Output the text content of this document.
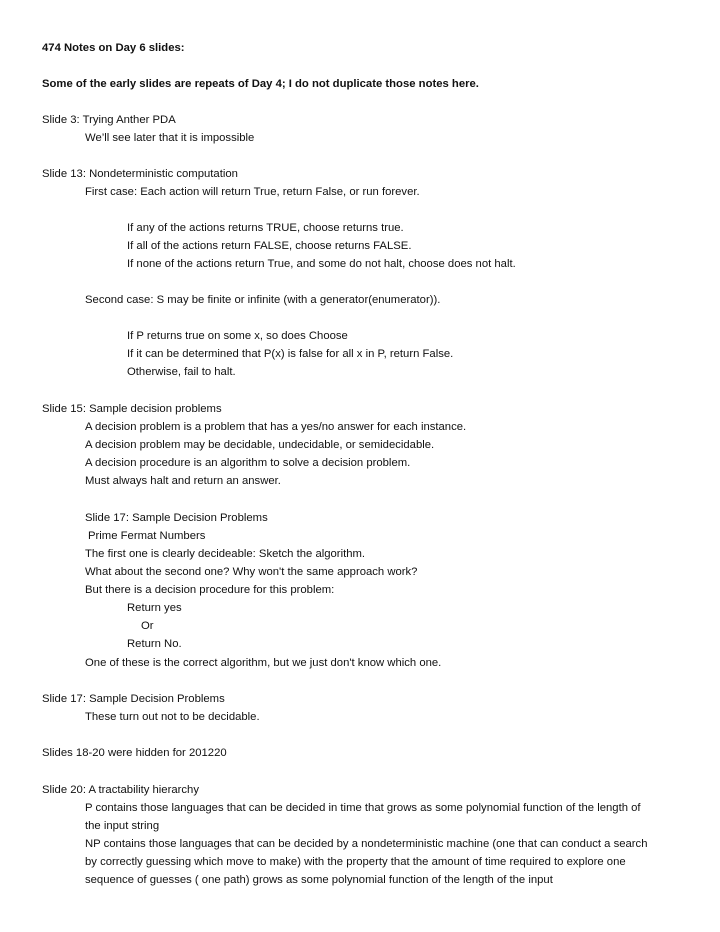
474 Notes on Day 6 slides:
Some of the early slides are repeats of Day 4; I do not duplicate those notes here.
Slide 3: Trying Anther PDA
We’ll see later that it is impossible
Slide 13: Nondeterministic computation
First case: Each action will return True, return False, or run forever.
If any of the actions returns TRUE, choose returns true.
If all of the actions return FALSE, choose returns FALSE.
If none of the actions return True, and some do not halt, choose does not halt.
Second case: S may be finite or infinite (with a generator(enumerator)).
If P returns true on some x, so does Choose
If it can be determined that P(x) is false for all x in P, return False.
Otherwise, fail to halt.
Slide 15: Sample decision problems
A decision problem is a problem that has a yes/no answer for each instance.
A decision problem may be decidable, undecidable, or semidecidable.
A decision procedure is an algorithm to solve a decision problem.
Must always halt and return an answer.
Slide 17: Sample Decision Problems
Prime Fermat Numbers
The first one is clearly decideable: Sketch the algorithm.
What about the second one? Why won't the same approach work?
But there is a decision procedure for this problem:
Return yes
Or
Return No.
One of these is the correct algorithm, but we just don't know which one.
Slide 17: Sample Decision Problems
These turn out not to be decidable.
Slides 18-20 were hidden for 201220
Slide 20: A tractability hierarchy
P contains those languages that can be decided in time that grows as some polynomial function of the length of
the input string
NP contains those languages that can be decided by a nondeterministic machine (one that can conduct a search
by correctly guessing which move to make) with the property that the amount of time required to explore one
sequence of guesses ( one path) grows as some polynomial function of the length of the input
